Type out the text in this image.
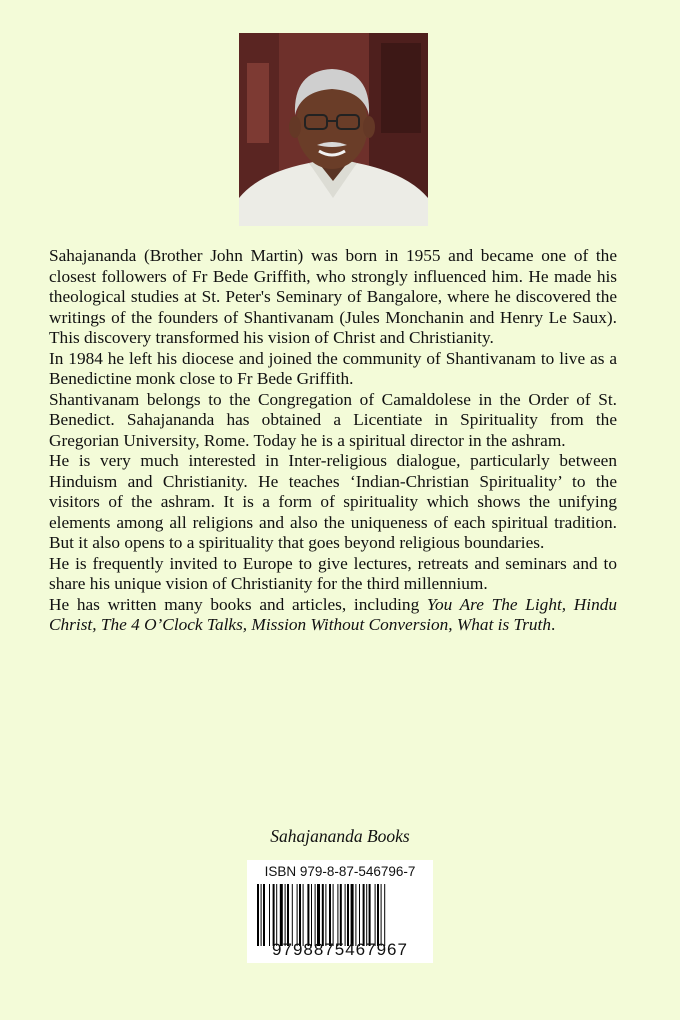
Sahajananda (Brother John Martin) was born in 1955 and became one of the closest followers of Fr Bede Griffith, who strongly influenced him. He made his theological studies at St. Peter's Seminary of Bangalore, where he discovered the writings of the founders of Shantivanam (Jules Monchanin and Henry Le Saux). This discovery transformed his vision of Christ and Christianity.

In 1984 he left his diocese and joined the community of Shantivanam to live as a Benedictine monk close to Fr Bede Griffith.

Shantivanam belongs to the Congregation of Camaldolese in the Order of St. Benedict. Sahajananda has obtained a Licentiate in Spirituality from the Gregorian University, Rome. Today he is a spiritual director in the ashram.

He is very much interested in Inter-religious dialogue, particularly between Hinduism and Christianity. He teaches ‘Indian-Christian Spirituality’ to the visitors of the ashram. It is a form of spirituality which shows the unifying elements among all religions and also the uniqueness of each spiritual tradition. But it also opens to a spirituality that goes beyond religious boundaries.

He is frequently invited to Europe to give lectures, retreats and seminars and to share his unique vision of Christianity for the third millennium.

He has written many books and articles, including You Are The Light, Hindu Christ, The 4 O’Clock Talks, Mission Without Conversion, What is Truth.

Sahajananda Books
ISBN 979-8-87-546796-7
9798875467967
